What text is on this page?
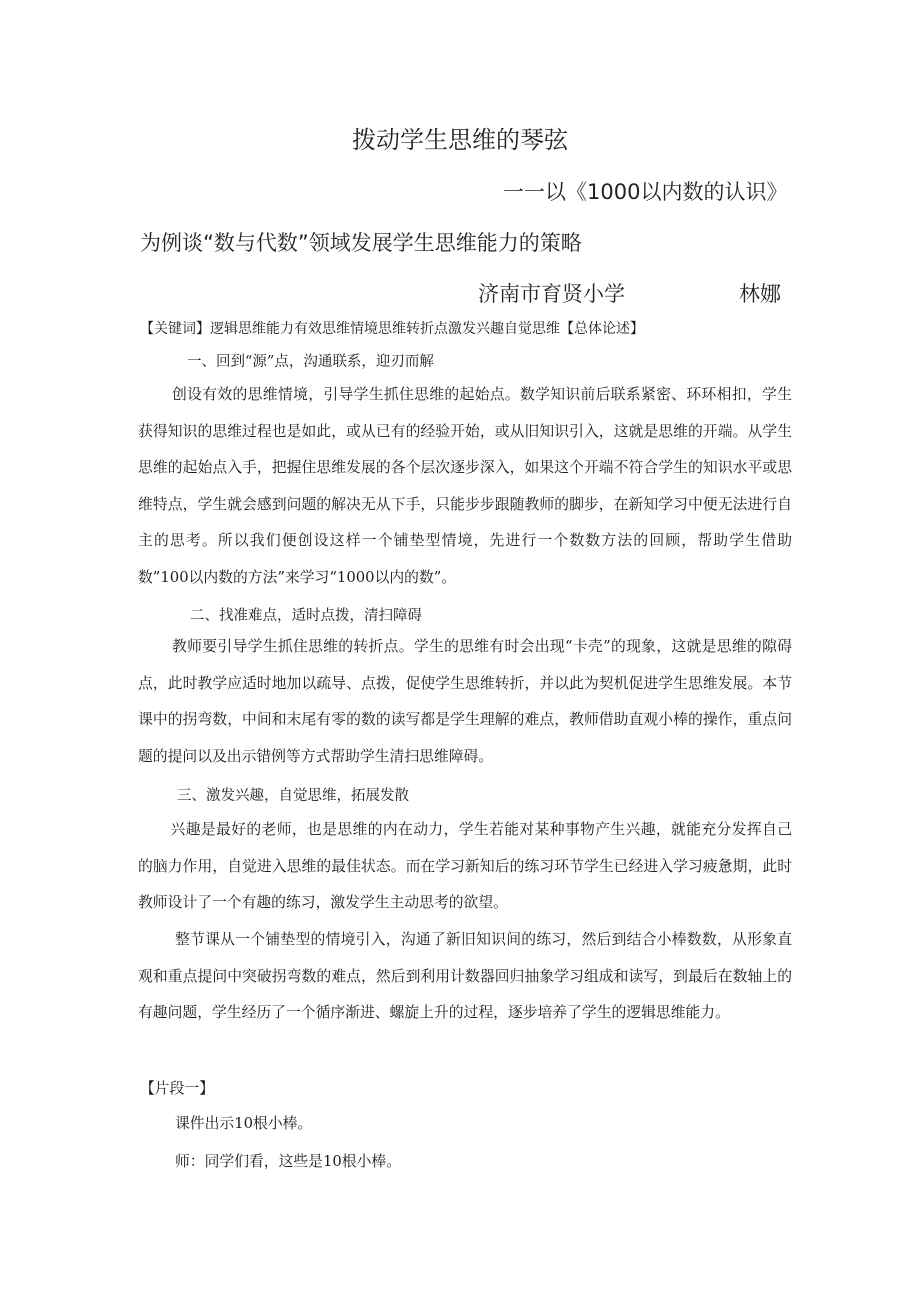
拨动学生思维的琴弦
一一以《1000以内数的认识》
为例谈“数与代数”领域发展学生思维能力的策略
济南市育贤小学	林娜
【关键词】逻辑思维能力有效思维情境思维转折点激发兴趣自觉思维【总体论述】
一、回到“源”点，沟通联系，迎刃而解
创设有效的思维情境，引导学生抓住思维的起始点。数学知识前后联系紧密、环环相扣，学生获得知识的思维过程也是如此，或从已有的经验开始，或从旧知识引入，这就是思维的开端。从学生思维的起始点入手，把握住思维发展的各个层次逐步深入，如果这个开端不符合学生的知识水平或思维特点，学生就会感到问题的解决无从下手，只能步步跟随教师的脚步，在新知学习中便无法进行自主的思考。所以我们便创设这样一个铺垫型情境，先进行一个数数方法的回顾，帮助学生借助数”100以内数的方法”来学习“1000以内的数”。
二、找准难点，适时点拨，清扫障碍
教师要引导学生抓住思维的转折点。学生的思维有时会出现“卡壳”的现象，这就是思维的隙碍点，此时教学应适时地加以疏导、点拨，促使学生思维转折，并以此为契机促进学生思维发展。本节课中的拐弯数，中间和末尾有零的数的读写都是学生理解的难点，教师借助直观小棒的操作，重点问题的提问以及出示错例等方式帮助学生清扫思维障碍。
三、激发兴趣，自觉思维，拓展发散
兴趣是最好的老师，也是思维的内在动力，学生若能对某种事物产生兴趣，就能充分发挥自己的脑力作用，自觉进入思维的最佳状态。而在学习新知后的练习环节学生已经进入学习疲惫期，此时教师设计了一个有趣的练习，激发学生主动思考的欲望。
整节课从一个铺垫型的情境引入，沟通了新旧知识间的练习，然后到结合小棒数数，从形象直观和重点提问中突破拐弯数的难点，然后到利用计数器回归抽象学习组成和读写，到最后在数轴上的有趣问题，学生经历了一个循序渐进、螺旋上升的过程，逐步培养了学生的逻辑思维能力。
【片段一】
课件出示10根小棒。
师：同学们看，这些是10根小棒。
